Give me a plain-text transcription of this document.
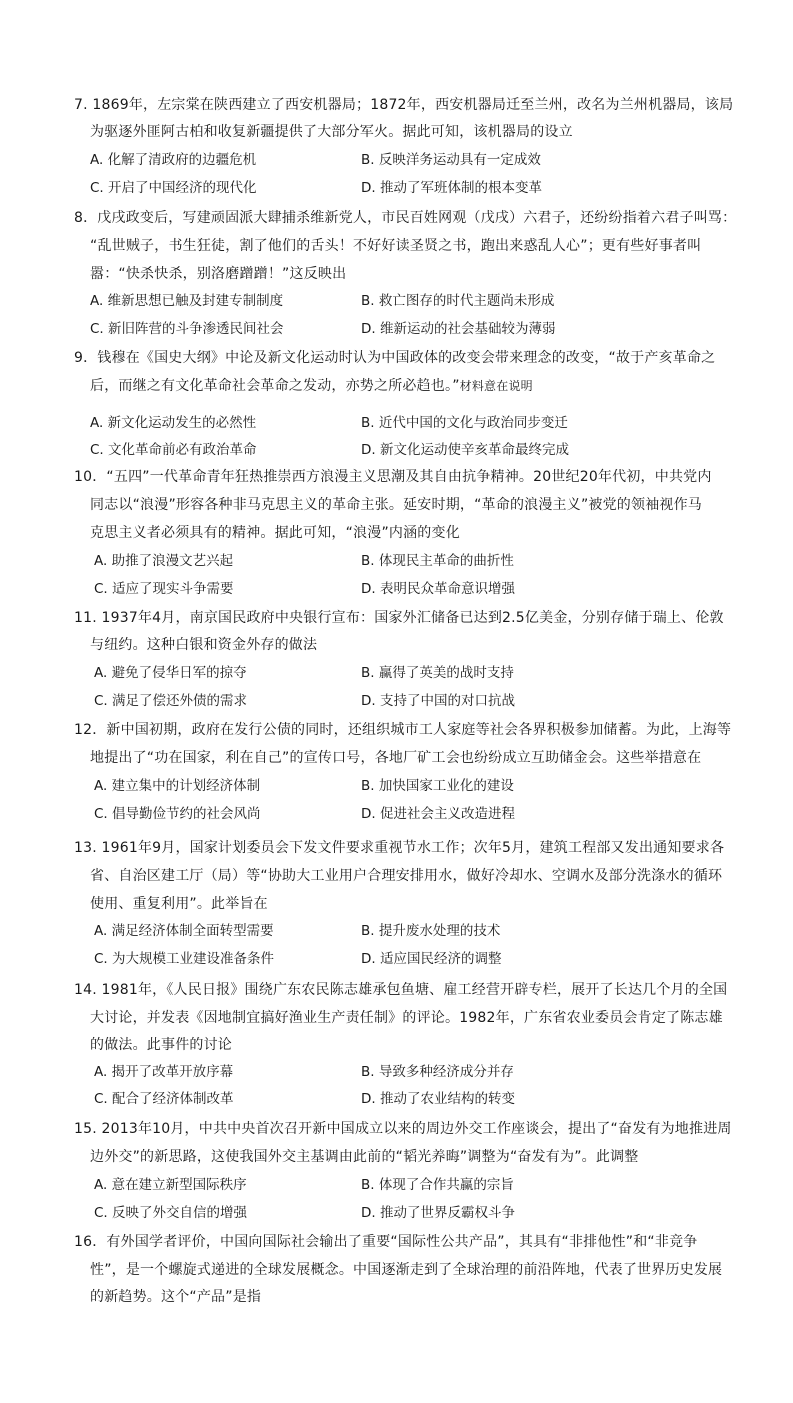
7. 1869年，左宗棠在陕西建立了西安机器局；1872年，西安机器局迁至兰州，改名为兰州机器局，该局
为驱逐外匪阿古柏和收复新疆提供了大部分军火。据此可知，该机器局的设立
A. 化解了清政府的边疆危机	B. 反映洋务运动具有一定成效
C. 开启了中国经济的现代化	D. 推动了军班体制的根本变革
8．戊戌政变后，写建顽固派大肆捕杀维新党人，市民百姓网观（戊戌）六君子，还纷纷指着六君子叫骂：
“乱世贼子，书生狂徒，割了他们的舌头！不好好读圣贤之书，跑出来惑乱人心”；更有些好事者叫
嚣：“快杀快杀，别洛磨蹭蹭！”这反映出
A. 维新思想已触及封建专制制度	B. 救亡图存的时代主题尚未形成
C. 新旧阵营的斗争渗透民间社会	D. 维新运动的社会基础较为薄弱
9．钱穆在《国史大纲》中论及新文化运动时认为中国政体的改变会带来理念的改变，“故于产亥革命之
后，而继之有文化革命社会革命之发动，亦势之所必趋也。”材料意在说明
A. 新文化运动发生的必然性	B. 近代中国的文化与政治同步变迁
C. 文化革命前必有政治革命	D. 新文化运动使辛亥革命最终完成
10．“五四”一代革命青年狂热推崇西方浪漫主义思潮及其自由抗争精神。20世纪20年代初，中共党内
同志以“浪漫”形容各种非马克思主义的革命主张。延安时期，“革命的浪漫主义”被党的领袖视作马
克思主义者必须具有的精神。据此可知，“浪漫”内涵的变化
A. 助推了浪漫文艺兴起	B. 体现民主革命的曲折性
C. 适应了现实斗争需要	D. 表明民众革命意识增强
11. 1937年4月，南京国民政府中央银行宣布：国家外汇储备已达到2.5亿美金，分别存储于瑞上、伦敦
与纽约。这种白银和资金外存的做法
A. 避免了侵华日军的掠夺	B. 赢得了英美的战时支持
C. 满足了偿还外债的需求	D. 支持了中国的对口抗战
12．新中国初期，政府在发行公债的同时，还组织城市工人家庭等社会各界积极参加储蓄。为此，上海等
地提出了“功在国家，利在自己”的宣传口号，各地厂矿工会也纷纷成立互助储金会。这些举措意在
A. 建立集中的计划经济体制	B. 加快国家工业化的建设
C. 倡导勤俭节约的社会风尚	D. 促进社会主义改造进程
13. 1961年9月，国家计划委员会下发文件要求重视节水工作；次年5月，建筑工程部又发出通知要求各
省、自治区建工厅（局）等“协助大工业用户合理安排用水，做好冷却水、空调水及部分洗涤水的循环
使用、重复利用”。此举旨在
A. 满足经济体制全面转型需要	B. 提升废水处理的技术
C. 为大规模工业建设准备条件	D. 适应国民经济的调整
14. 1981年，《人民日报》围绕广东农民陈志雄承包鱼塘、雇工经营开辟专栏，展开了长达几个月的全国
大讨论，并发表《因地制宜搞好渔业生产责任制》的评论。1982年，广东省农业委员会肯定了陈志雄
的做法。此事件的讨论
A. 揭开了改革开放序幕	B. 导致多种经济成分并存
C. 配合了经济体制改革	D. 推动了农业结构的转变
15. 2013年10月，中共中央首次召开新中国成立以来的周边外交工作座谈会，提出了“奋发有为地推进周
边外交”的新思路，这使我国外交主基调由此前的“韬光养晦”调整为“奋发有为”。此调整
A. 意在建立新型国际秩序	B. 体现了合作共赢的宗旨
C. 反映了外交自信的增强	D. 推动了世界反霸权斗争
16．有外国学者评价，中国向国际社会输出了重要“国际性公共产品”，其具有“非排他性”和“非竞争
性”，是一个螺旋式递进的全球发展概念。中国逐渐走到了全球治理的前沿阵地，代表了世界历史发展
的新趋势。这个“产品”是指
